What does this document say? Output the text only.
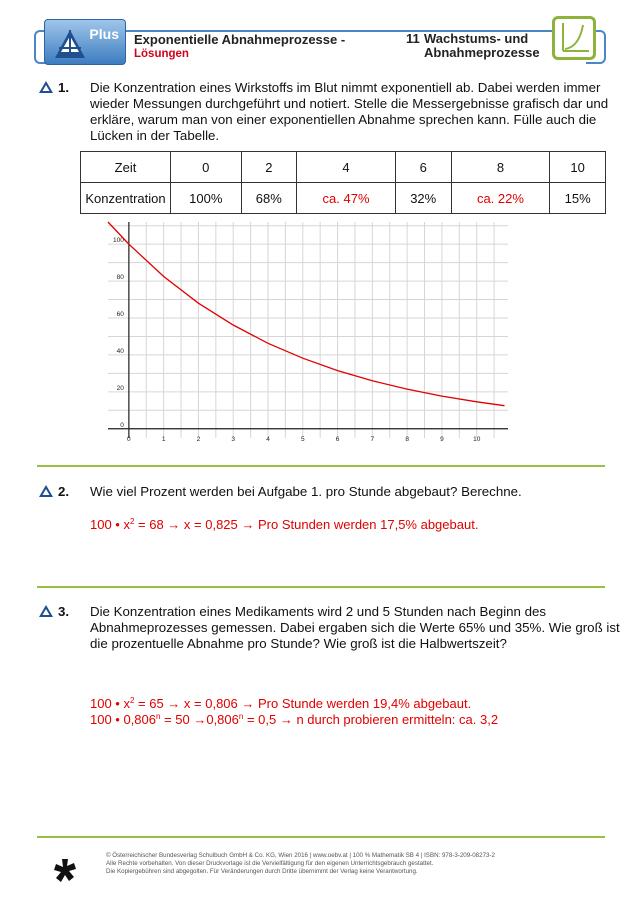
Plus Exponentielle Abnahmeprozesse -
Lösungen
11 Wachstums- und
Abnahmeprozesse
1. Die Konzentration eines Wirkstoffs im Blut nimmt exponentiell ab. Dabei werden immer
wieder Messungen durchgeführt und notiert. Stelle die Messergebnisse grafisch dar und
erkläre, warum man von einer exponentiellen Abnahme sprechen kann. Fülle auch die
Lücken in der Tabelle.
Zeit	0	2	4	6	8	10
Konzentration	100%	68%	ca. 47%	32%	ca. 22%	15%
0	1	2	3	4	5	6	7	8	9	10
0
20
40
60
80
100
2. Wie viel Prozent werden bei Aufgabe 1. pro Stunde abgebaut? Berechne.
100 • $x^2 = 68 \to x = 0,825$ → Pro Stunden werden 17,5% abgebaut.
3. Die Konzentration eines Medikaments wird 2 und 5 Stunden nach Beginn des
Abnahmeprozesses gemessen. Dabei ergaben sich die Werte 65% und 35%. Wie groß ist
die prozentuelle Abnahme pro Stunde? Wie groß ist die Halbwertszeit?
100 • $x^2 = 65 \to x = 0,806$ → Pro Stunde werden 19,4% abgebaut.
100 • $0,806^n = 50 \to 0,806^n = 0,5 \to n$ durch probieren ermitteln: ca. 3,2
© Österreichischer Bundesverlag Schulbuch GmbH & Co. KG, Wien 2016 | www.oebv.at | 100 % Mathematik SB 4 | ISBN: 978-3-209-08273-2
Alle Rechte vorbehalten. Von dieser Druckvorlage ist die Vervielfältigung für den eigenen Unterrichtsgebrauch gestattet.
Die Kopiergebühren sind abgegolten. Für Veränderungen durch Dritte übernimmt der Verlag keine Verantwortung.
